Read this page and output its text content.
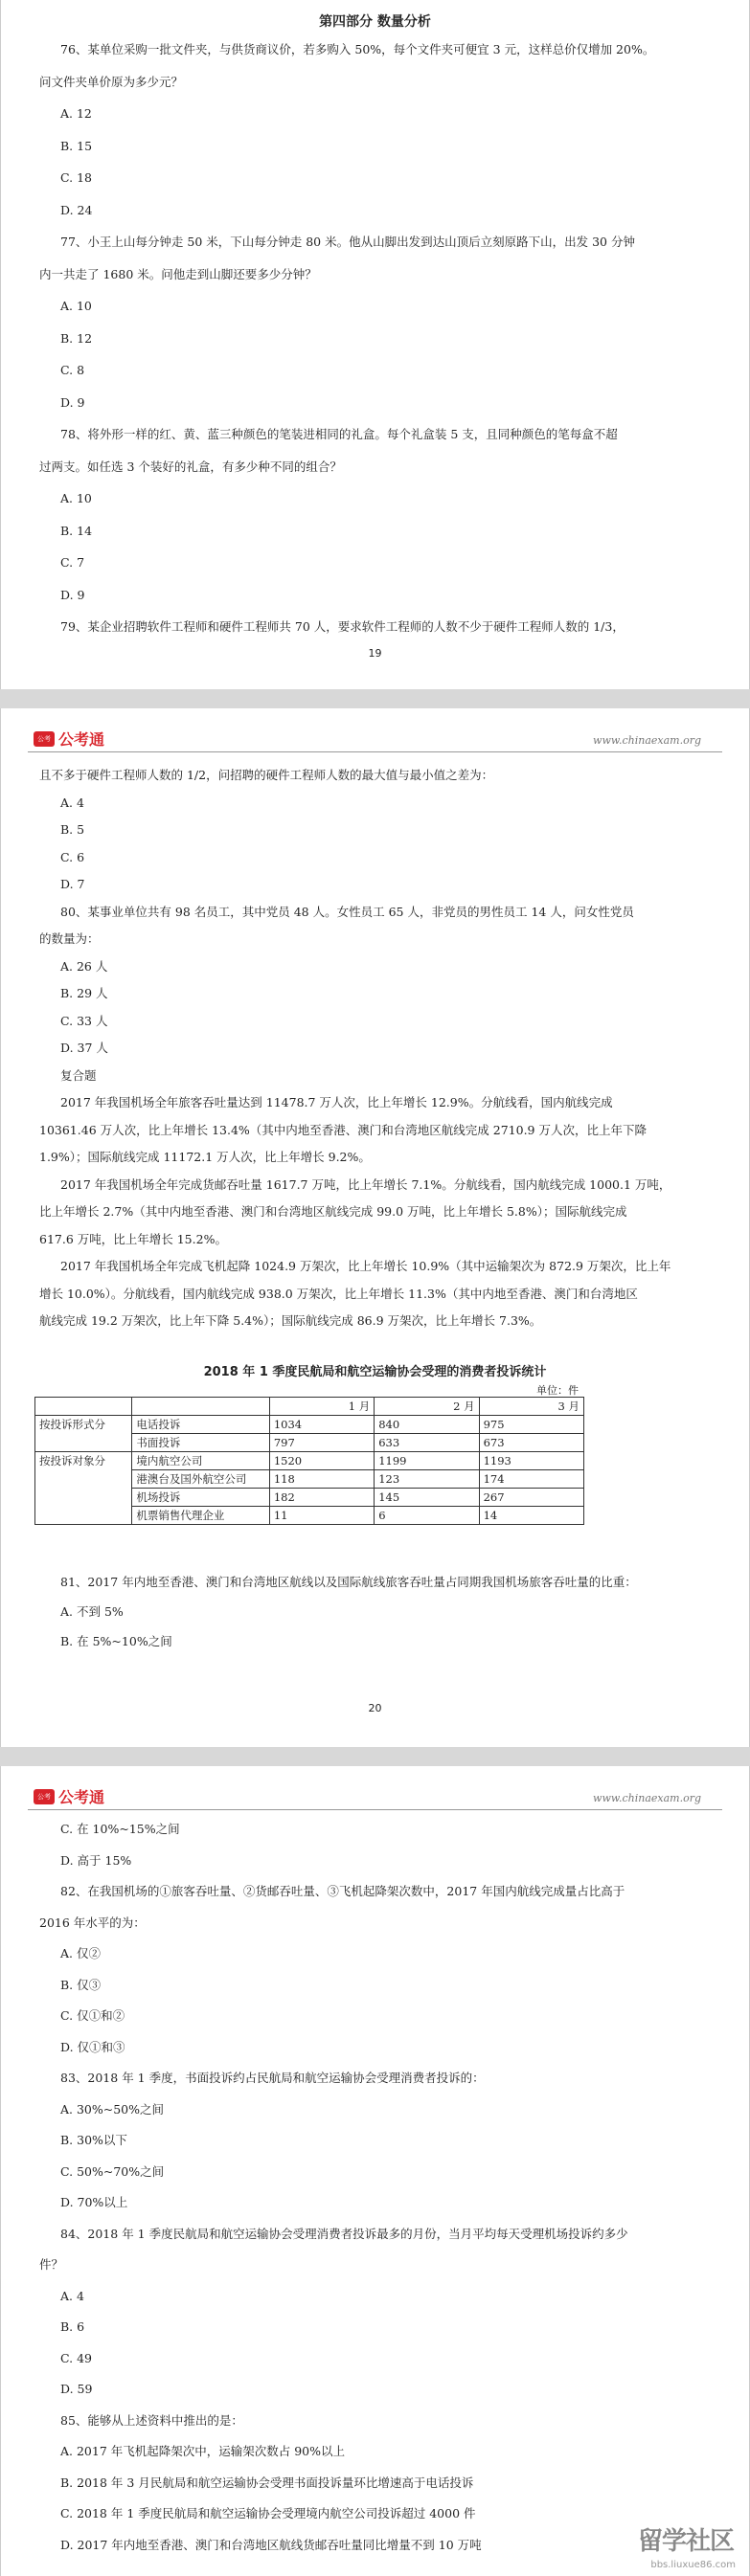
第四部分 数量分析
76、某单位采购一批文件夹，与供货商议价，若多购入 50%，每个文件夹可便宜 3 元，这样总价仅增加 20%。
问文件夹单价原为多少元？
A. 12
B. 15
C. 18
D. 24
77、小王上山每分钟走 50 米，下山每分钟走 80 米。他从山脚出发到达山顶后立刻原路下山，出发 30 分钟
内一共走了 1680 米。问他走到山脚还要多少分钟？
A. 10
B. 12
C. 8
D. 9
78、将外形一样的红、黄、蓝三种颜色的笔装进相同的礼盒。每个礼盒装 5 支，且同种颜色的笔每盒不超
过两支。如任选 3 个装好的礼盒，有多少种不同的组合？
A. 10
B. 14
C. 7
D. 9
79、某企业招聘软件工程师和硬件工程师共 70 人，要求软件工程师的人数不少于硬件工程师人数的 1/3，
19
公考 公考通	www.chinaexam.org
且不多于硬件工程师人数的 1/2，问招聘的硬件工程师人数的最大值与最小值之差为：
A. 4
B. 5
C. 6
D. 7
80、某事业单位共有 98 名员工，其中党员 48 人。女性员工 65 人，非党员的男性员工 14 人，问女性党员
的数量为：
A. 26 人
B. 29 人
C. 33 人
D. 37 人
复合题
2017 年我国机场全年旅客吞吐量达到 11478.7 万人次，比上年增长 12.9%。分航线看，国内航线完成
10361.46 万人次，比上年增长 13.4%（其中内地至香港、澳门和台湾地区航线完成 2710.9 万人次，比上年下降
1.9%）；国际航线完成 11172.1 万人次，比上年增长 9.2%。
2017 年我国机场全年完成货邮吞吐量 1617.7 万吨，比上年增长 7.1%。分航线看，国内航线完成 1000.1 万吨，
比上年增长 2.7%（其中内地至香港、澳门和台湾地区航线完成 99.0 万吨，比上年增长 5.8%）；国际航线完成
617.6 万吨，比上年增长 15.2%。
2017 年我国机场全年完成飞机起降 1024.9 万架次，比上年增长 10.9%（其中运输架次为 872.9 万架次，比上年
增长 10.0%）。分航线看，国内航线完成 938.0 万架次，比上年增长 11.3%（其中内地至香港、澳门和台湾地区
航线完成 19.2 万架次，比上年下降 5.4%）；国际航线完成 86.9 万架次，比上年增长 7.3%。
2018 年 1 季度民航局和航空运输协会受理的消费者投诉统计
单位：件
		1 月	2 月	3 月
按投诉形式分	电话投诉	1034	840	975
	书面投诉	797	633	673
按投诉对象分	境内航空公司	1520	1199	1193
	港澳台及国外航空公司	118	123	174
	机场投诉	182	145	267
	机票销售代理企业	11	6	14
81、2017 年内地至香港、澳门和台湾地区航线以及国际航线旅客吞吐量占同期我国机场旅客吞吐量的比重：
A. 不到 5%
B. 在 5%~10%之间
20
公考 公考通	www.chinaexam.org
C. 在 10%~15%之间
D. 高于 15%
82、在我国机场的①旅客吞吐量、②货邮吞吐量、③飞机起降架次数中，2017 年国内航线完成量占比高于
2016 年水平的为：
A. 仅②
B. 仅③
C. 仅①和②
D. 仅①和③
83、2018 年 1 季度，书面投诉约占民航局和航空运输协会受理消费者投诉的：
A. 30%~50%之间
B. 30%以下
C. 50%~70%之间
D. 70%以上
84、2018 年 1 季度民航局和航空运输协会受理消费者投诉最多的月份，当月平均每天受理机场投诉约多少
件？
A. 4
B. 6
C. 49
D. 59
85、能够从上述资料中推出的是：
A. 2017 年飞机起降架次中，运输架次数占 90%以上
B. 2018 年 3 月民航局和航空运输协会受理书面投诉量环比增速高于电话投诉
C. 2018 年 1 季度民航局和航空运输协会受理境内航空公司投诉超过 4000 件
D. 2017 年内地至香港、澳门和台湾地区航线货邮吞吐量同比增量不到 10 万吨	留学社区
bbs.liuxue86.com
